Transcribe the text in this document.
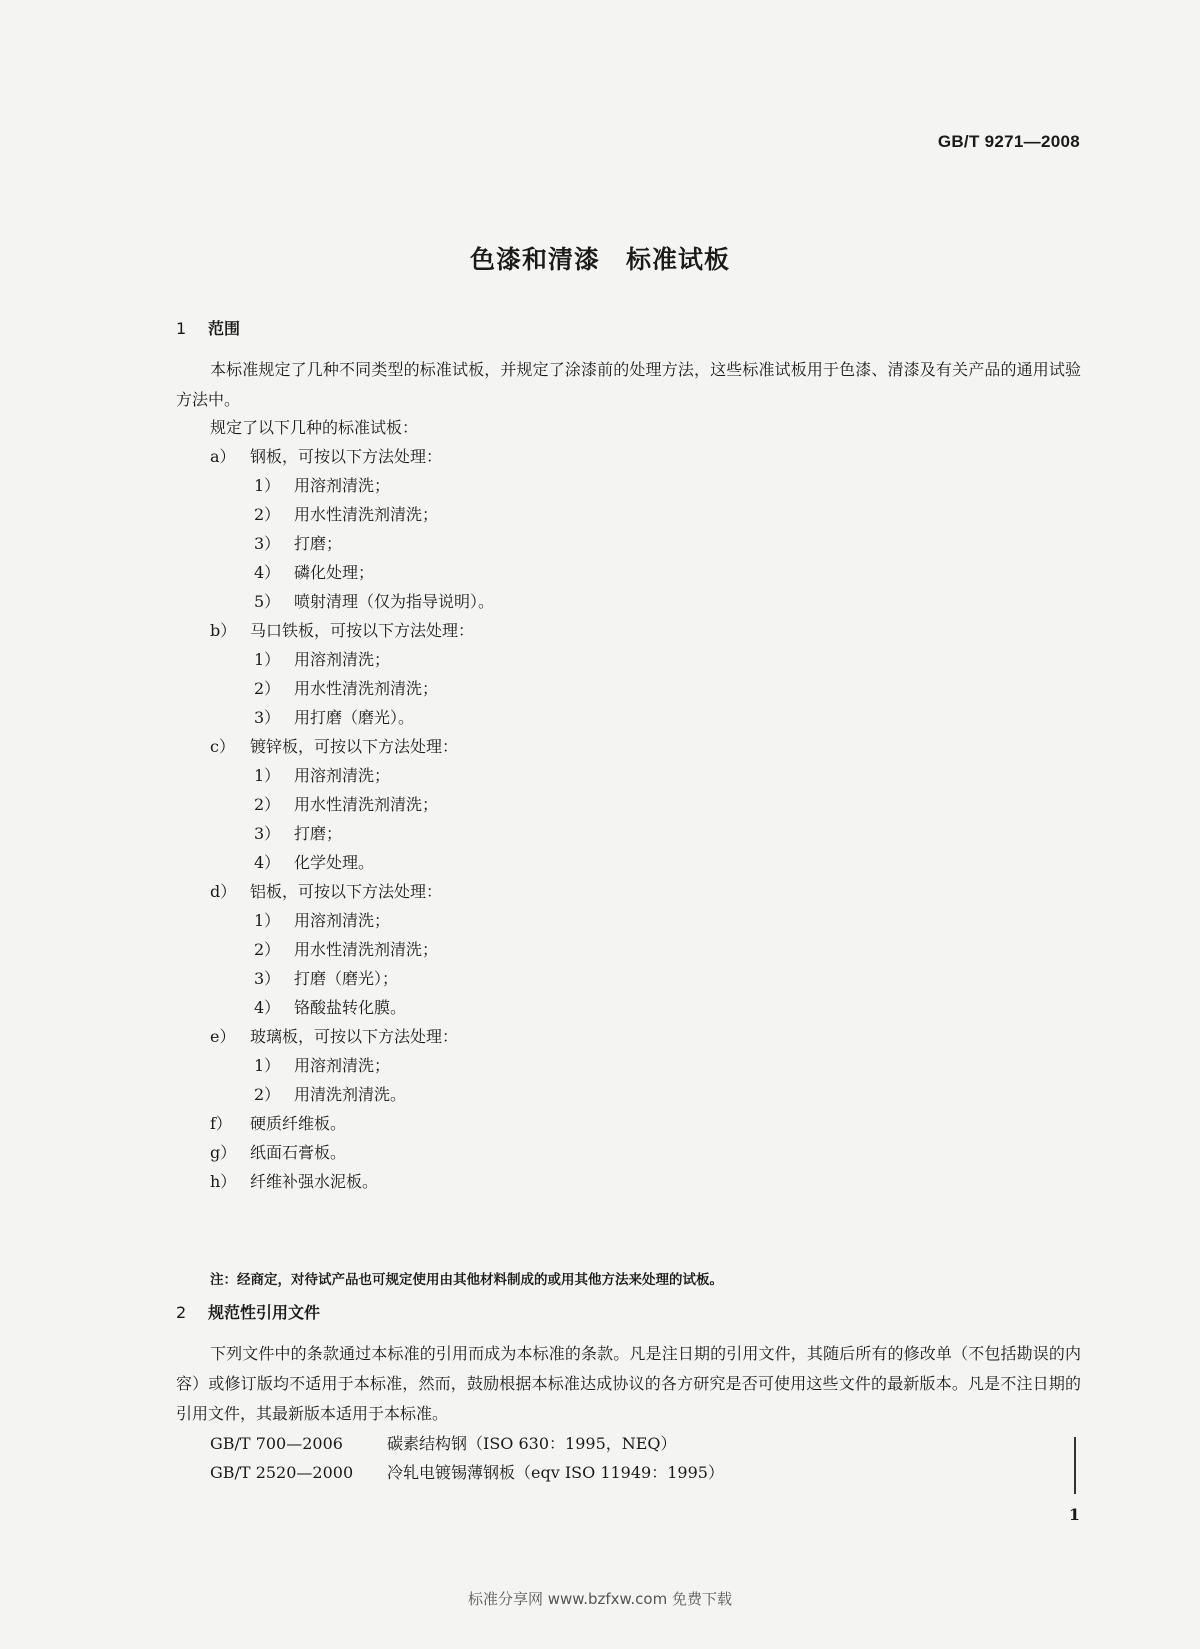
GB/T 9271—2008
色漆和清漆　标准试板
1 范围
本标准规定了几种不同类型的标准试板，并规定了涂漆前的处理方法，这些标准试板用于色漆、清漆及有关产品的通用试验方法中。
规定了以下几种的标准试板：
a） 钢板，可按以下方法处理：
1） 用溶剂清洗；
2） 用水性清洗剂清洗；
3） 打磨；
4） 磷化处理；
5） 喷射清理（仅为指导说明）。
b） 马口铁板，可按以下方法处理：
1） 用溶剂清洗；
2） 用水性清洗剂清洗；
3） 用打磨（磨光）。
c） 镀锌板，可按以下方法处理：
1） 用溶剂清洗；
2） 用水性清洗剂清洗；
3） 打磨；
4） 化学处理。
d） 铝板，可按以下方法处理：
1） 用溶剂清洗；
2） 用水性清洗剂清洗；
3） 打磨（磨光）；
4） 铬酸盐转化膜。
e） 玻璃板，可按以下方法处理：
1） 用溶剂清洗；
2） 用清洗剂清洗。
f） 硬质纤维板。
g） 纸面石膏板。
h） 纤维补强水泥板。
注：经商定，对待试产品也可规定使用由其他材料制成的或用其他方法来处理的试板。
2 规范性引用文件
下列文件中的条款通过本标准的引用而成为本标准的条款。凡是注日期的引用文件，其随后所有的修改单（不包括勘误的内容）或修订版均不适用于本标准，然而，鼓励根据本标准达成协议的各方研究是否可使用这些文件的最新版本。凡是不注日期的引用文件，其最新版本适用于本标准。
GB/T 700—2006	碳素结构钢（ISO 630：1995，NEQ）
GB/T 2520—2000 冷轧电镀锡薄钢板（eqv ISO 11949：1995）
1
标准分享网 www.bzfxw.com 免费下载
